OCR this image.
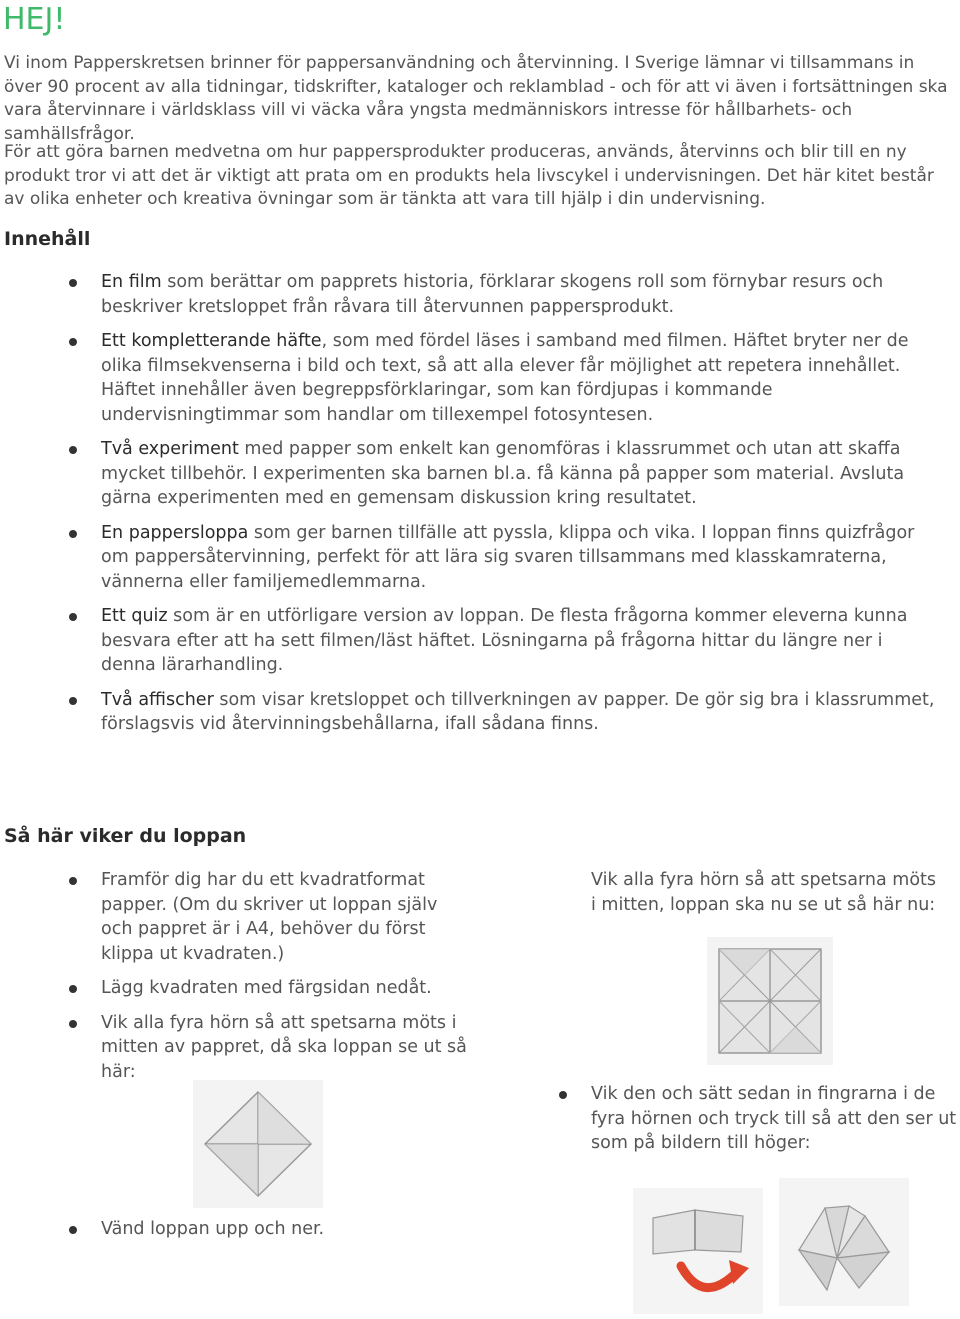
HEJ!
Vi inom Papperskretsen brinner för pappersanvändning och återvinning. I Sverige lämnar vi tillsammans in över 90 procent av alla tidningar, tidskrifter, kataloger och reklamblad - och för att vi även i fortsättningen ska vara återvinnare i världsklass vill vi väcka våra yngsta medmänniskors intresse för hållbarhets- och samhällsfrågor.
För att göra barnen medvetna om hur pappersprodukter produceras, används, återvinns och blir till en ny produkt tror vi att det är viktigt att prata om en produkts hela livscykel i undervisningen. Det här kitet består av olika enheter och kreativa övningar som är tänkta att vara till hjälp i din undervisning.
Innehåll
En film som berättar om papprets historia, förklarar skogens roll som förnybar resurs och beskriver kretsloppet från råvara till återvunnen pappersprodukt.
Ett kompletterande häfte, som med fördel läses i samband med filmen. Häftet bryter ner de olika filmsekvenserna i bild och text, så att alla elever får möjlighet att repetera innehållet. Häftet innehåller även begreppsförklaringar, som kan fördjupas i kommande undervisningtimmar som handlar om tillexempel fotosyntesen.
Två experiment med papper som enkelt kan genomföras i klassrummet och utan att skaffa mycket tillbehör. I experimenten ska barnen bl.a. få känna på papper som material. Avsluta gärna experimenten med en gemensam diskussion kring resultatet.
En pappersloppa som ger barnen tillfälle att pyssla, klippa och vika. I loppan finns quizfrågor om pappersåtervinning, perfekt för att lära sig svaren tillsammans med klasskamraterna, vännerna eller familjemedlemmarna.
Ett quiz som är en utförligare version av loppan. De flesta frågorna kommer eleverna kunna besvara efter att ha sett filmen/läst häftet. Lösningarna på frågorna hittar du längre ner i denna lärarhandling.
Två affischer som visar kretsloppet och tillverkningen av papper. De gör sig bra i klassrummet, förslagsvis vid återvinningsbehållarna, ifall sådana finns.
Så här viker du loppan
Framför dig har du ett kvadratformat papper. (Om du skriver ut loppan själv och pappret är i A4, behöver du först klippa ut kvadraten.)
Lägg kvadraten med färgsidan nedåt.
Vik alla fyra hörn så att spetsarna möts i mitten av pappret, då ska loppan se ut så här:
Vik alla fyra hörn så att spetsarna möts i mitten, loppan ska nu se ut så här nu:
Vik den och sätt sedan in fingrarna i de fyra hörnen och tryck till så att den ser ut som på bildern till höger:
Vänd loppan upp och ner.
